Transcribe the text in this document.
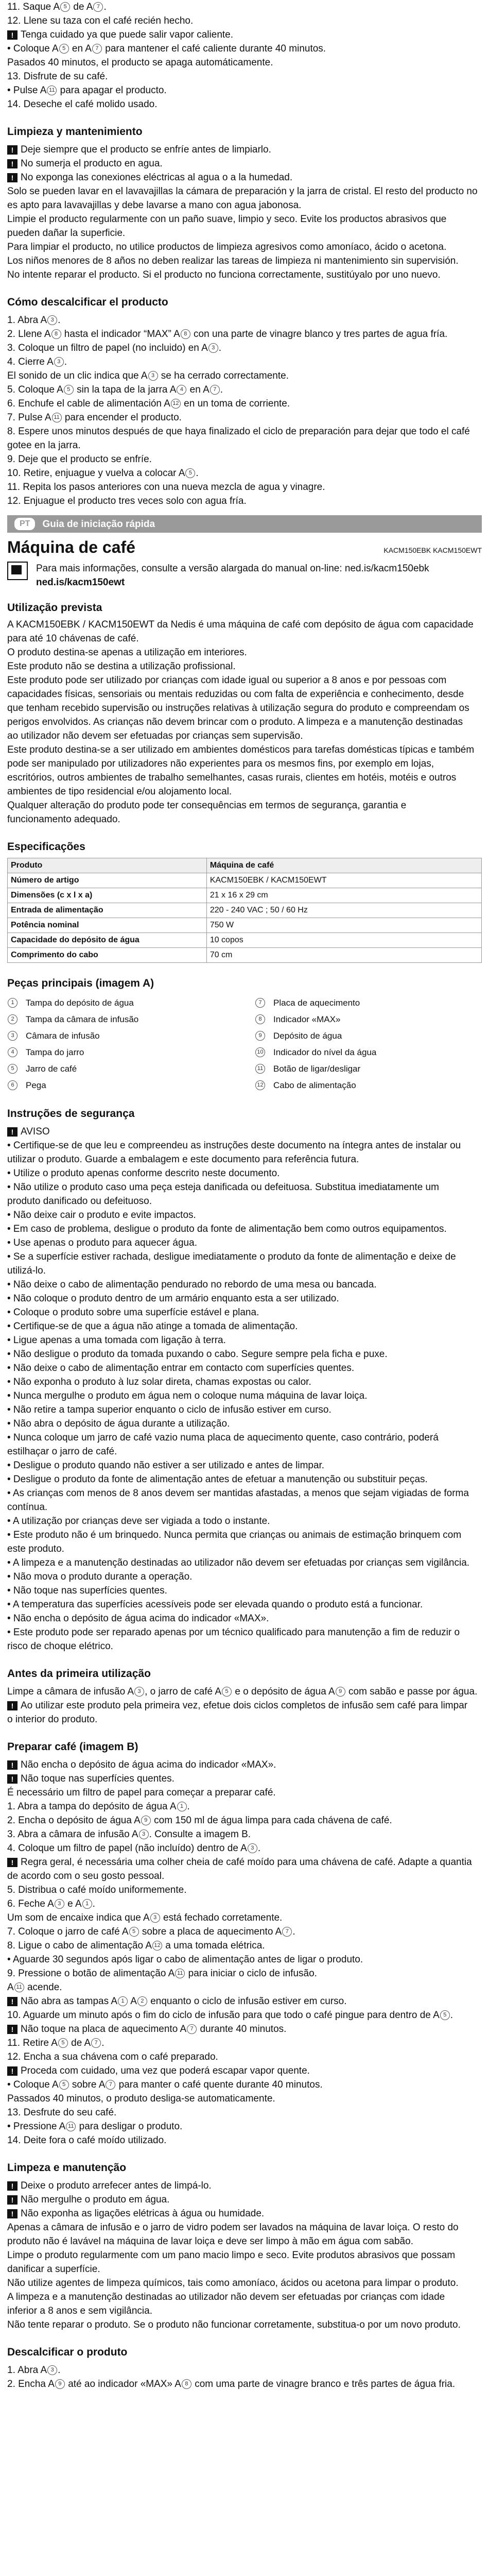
11. Saque A 5 de A 7 .

12. Llene su taza con el café recién hecho.

! Tenga cuidado ya que puede salir vapor caliente.

• Coloque A 5 en A 7 para mantener el café caliente durante 40 minutos.

Pasados 40 minutos, el producto se apaga automáticamente.

13. Disfrute de su café.

• Pulse A 11 para apagar el producto.

14. Deseche el café molido usado.

Limpieza y mantenimiento

! Deje siempre que el producto se enfríe antes de limpiarlo.

! No sumerja el producto en agua.

! No exponga las conexiones eléctricas al agua o a la humedad.

Solo se pueden lavar en el lavavajillas la cámara de preparación y la jarra de cristal. El resto del producto no

es apto para lavavajillas y debe lavarse a mano con agua jabonosa.

Limpie el producto regularmente con un paño suave, limpio y seco. Evite los productos abrasivos que

pueden dañar la superficie.

Para limpiar el producto, no utilice productos de limpieza agresivos como amoníaco, ácido o acetona.

Los niños menores de 8 años no deben realizar las tareas de limpieza ni mantenimiento sin supervisión.

No intente reparar el producto. Si el producto no funciona correctamente, sustitúyalo por uno nuevo.

Cómo descalcificar el producto

1. Abra A 3 .

2. Llene A 8 hasta el indicador “MAX” A 8 con una parte de vinagre blanco y tres partes de agua fría.

3. Coloque un filtro de papel (no incluido) en A 3 .

4. Cierre A 3 .

El sonido de un clic indica que A 3 se ha cerrado correctamente.

5. Coloque A 5 sin la tapa de la jarra A 4 en A 7 .

6. Enchufe el cable de alimentación A 12 en un toma de corriente.

7. Pulse A 11 para encender el producto.

8. Espere unos minutos después de que haya finalizado el ciclo de preparación para dejar que todo el café

gotee en la jarra.

9. Deje que el producto se enfríe.

10. Retire, enjuague y vuelva a colocar A 5 .

11. Repita los pasos anteriores con una nueva mezcla de agua y vinagre.

12. Enjuague el producto tres veces solo con agua fría.

PT	Guia de iniciação rápida
Máquina de café	KACM150EBK KACM150EWT
Para mais informações, consulte a versão alargada do manual on-line: ned.is/kacm150ebk
ned.is/kacm150ewt
Utilização prevista

A KACM150EBK / KACM150EWT da Nedis é uma máquina de café com depósito de água com capacidade

para até 10 chávenas de café.

O produto destina-se apenas a utilização em interiores.

Este produto não se destina a utilização profissional.

Este produto pode ser utilizado por crianças com idade igual ou superior a 8 anos e por pessoas com

capacidades físicas, sensoriais ou mentais reduzidas ou com falta de experiência e conhecimento, desde

que tenham recebido supervisão ou instruções relativas à utilização segura do produto e compreendam os

perigos envolvidos. As crianças não devem brincar com o produto. A limpeza e a manutenção destinadas

ao utilizador não devem ser efetuadas por crianças sem supervisão.

Este produto destina-se a ser utilizado em ambientes domésticos para tarefas domésticas típicas e também

pode ser manipulado por utilizadores não experientes para os mesmos fins, por exemplo em lojas,

escritórios, outros ambientes de trabalho semelhantes, casas rurais, clientes em hotéis, motéis e outros

ambientes de tipo residencial e/ou alojamento local.

Qualquer alteração do produto pode ter consequências em termos de segurança, garantia e

funcionamento adequado.

Especificações
Produto	Máquina de café
Número de artigo	KACM150EBK / KACM150EWT
Dimensões (c x l x a)	21 x 16 x 29 cm
Entrada de alimentação	220 - 240 VAC ; 50 / 60 Hz
Potência nominal	750 W
Capacidade do depósito de água	10 copos
Comprimento do cabo	70 cm
Peças principais (imagem A)
1	Tampa do depósito de água
2	Tampa da câmara de infusão
3	Câmara de infusão
4	Tampa do jarro
5	Jarro de café
6	Pega
7	Placa de aquecimento
8	Indicador «MAX»
9	Depósito de água
10 Indicador do nível da água
11 Botão de ligar/desligar
12 Cabo de alimentação
Instruções de segurança
! AVISO

• Certifique-se de que leu e compreendeu as instruções deste documento na íntegra antes de instalar ou

utilizar o produto. Guarde a embalagem e este documento para referência futura.

• Utilize o produto apenas conforme descrito neste documento.

• Não utilize o produto caso uma peça esteja danificada ou defeituosa. Substitua imediatamente um

produto danificado ou defeituoso.

• Não deixe cair o produto e evite impactos.

• Em caso de problema, desligue o produto da fonte de alimentação bem como outros equipamentos.

• Use apenas o produto para aquecer água.

• Se a superfície estiver rachada, desligue imediatamente o produto da fonte de alimentação e deixe de

utilizá-lo.

• Não deixe o cabo de alimentação pendurado no rebordo de uma mesa ou bancada.

• Não coloque o produto dentro de um armário enquanto esta a ser utilizado.

• Coloque o produto sobre uma superfície estável e plana.

• Certifique-se de que a água não atinge a tomada de alimentação.

• Ligue apenas a uma tomada com ligação à terra.

• Não desligue o produto da tomada puxando o cabo. Segure sempre pela ficha e puxe.

• Não deixe o cabo de alimentação entrar em contacto com superfícies quentes.

• Não exponha o produto à luz solar direta, chamas expostas ou calor.

• Nunca mergulhe o produto em água nem o coloque numa máquina de lavar loiça.

• Não retire a tampa superior enquanto o ciclo de infusão estiver em curso.

• Não abra o depósito de água durante a utilização.

• Nunca coloque um jarro de café vazio numa placa de aquecimento quente, caso contrário, poderá

estilhaçar o jarro de café.

• Desligue o produto quando não estiver a ser utilizado e antes de limpar.

• Desligue o produto da fonte de alimentação antes de efetuar a manutenção ou substituir peças.

• As crianças com menos de 8 anos devem ser mantidas afastadas, a menos que sejam vigiadas de forma

contínua.

• A utilização por crianças deve ser vigiada a todo o instante.

• Este produto não é um brinquedo. Nunca permita que crianças ou animais de estimação brinquem com

este produto.

• A limpeza e a manutenção destinadas ao utilizador não devem ser efetuadas por crianças sem vigilância.

• Não mova o produto durante a operação.

• Não toque nas superfícies quentes.

• A temperatura das superfícies acessíveis pode ser elevada quando o produto está a funcionar.

• Não encha o depósito de água acima do indicador «MAX».

• Este produto pode ser reparado apenas por um técnico qualificado para manutenção a fim de reduzir o

risco de choque elétrico.

Antes da primeira utilização

Limpe a câmara de infusão A 3 , o jarro de café A 5 e o depósito de água A 9 com sabão e passe por água.

! Ao utilizar este produto pela primeira vez, efetue dois ciclos completos de infusão sem café para limpar

o interior do produto.

Preparar café (imagem B)

! Não encha o depósito de água acima do indicador «MAX».

! Não toque nas superfícies quentes.

É necessário um filtro de papel para começar a preparar café.

1. Abra a tampa do depósito de água A 1 .

2. Encha o depósito de água A 9 com 150 ml de água limpa para cada chávena de café.

3. Abra a câmara de infusão A 3 . Consulte a imagem B.

4. Coloque um filtro de papel (não incluído) dentro de A 3 .

! Regra geral, é necessária uma colher cheia de café moído para uma chávena de café. Adapte a quantia

de acordo com o seu gosto pessoal.

5. Distribua o café moído uniformemente.

6. Feche A 3 e A 1 .

Um som de encaixe indica que A 3 está fechado corretamente.

7. Coloque o jarro de café A 5 sobre a placa de aquecimento A 7 .

8. Ligue o cabo de alimentação A 12 a uma tomada elétrica.

• Aguarde 30 segundos após ligar o cabo de alimentação antes de ligar o produto.

9. Pressione o botão de alimentação A 11 para iniciar o ciclo de infusão.

A 11 acende.

! Não abra as tampas A 1 A 2 enquanto o ciclo de infusão estiver em curso.

10. Aguarde um minuto após o fim do ciclo de infusão para que todo o café pingue para dentro de A 5 .

! Não toque na placa de aquecimento A 7 durante 40 minutos.

11. Retire A 5 de A 7 .

12. Encha a sua chávena com o café preparado.

! Proceda com cuidado, uma vez que poderá escapar vapor quente.

• Coloque A 5 sobre A 7 para manter o café quente durante 40 minutos.

Passados 40 minutos, o produto desliga-se automaticamente.

13. Desfrute do seu café.

• Pressione A 11 para desligar o produto.

14. Deite fora o café moído utilizado.

Limpeza e manutenção

! Deixe o produto arrefecer antes de limpá-lo.

! Não mergulhe o produto em água.

! Não exponha as ligações elétricas à água ou humidade.

Apenas a câmara de infusão e o jarro de vidro podem ser lavados na máquina de lavar loiça. O resto do

produto não é lavável na máquina de lavar loiça e deve ser limpo à mão em água com sabão.

Limpe o produto regularmente com um pano macio limpo e seco. Evite produtos abrasivos que possam

danificar a superfície.

Não utilize agentes de limpeza químicos, tais como amoníaco, ácidos ou acetona para limpar o produto.

A limpeza e a manutenção destinadas ao utilizador não devem ser efetuadas por crianças com idade

inferior a 8 anos e sem vigilância.

Não tente reparar o produto. Se o produto não funcionar corretamente, substitua-o por um novo produto.

Descalcificar o produto

1. Abra A 3 .

2. Encha A 9 até ao indicador «MAX» A 8 com uma parte de vinagre branco e três partes de água fria.
